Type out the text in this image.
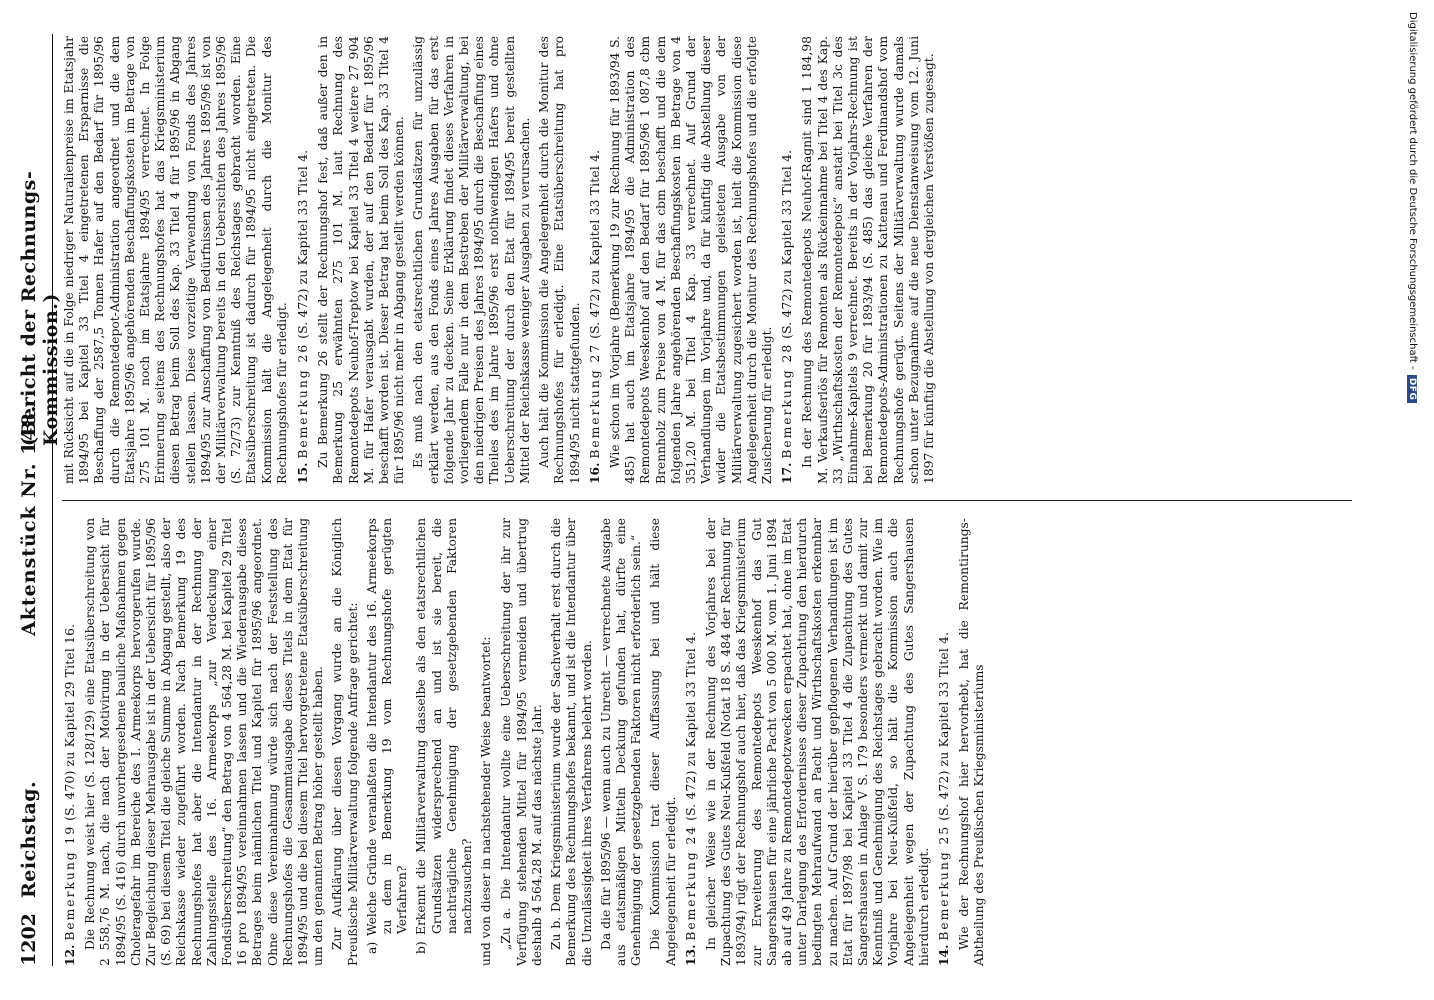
1202
Reichstag.
Aktenstück Nr. 148.
(Bericht der Rechnungs-Kommission.)

12. Bemerkung 19 (S. 470) zu Kapitel 29 Titel 16. Die Rechnung weist hier (S. 128/129) eine Etatsüberschreitung von 2 558,76 M. nach, die nach der Motivirung in der Uebersicht für 1894/95 (S. 416) durch unvorhergesehene bauliche Maßnahmen gegen Choleragefahr im Bereiche des I. Armeekorps hervorgerufen wurde. Zur Begleichung dieser Mehrausgabe ist in der Uebersicht für 1895/96 (S. 69) bei diesem Titel die gleiche Summe in Abgang gestellt, also der Reichskasse wieder zugeführt worden. Nach Bemerkung 19 des Rechnungshofes hat aber die Intendantur in der Rechnung der Zahlungsstelle des 16. Armeekorps „zur Verdeckung einer Fondsüberschreitung“ den Betrag von 4 564,28 M. bei Kapitel 29 Titel 16 pro 1894/95 vereinnahmen lassen und die Wiederausgabe dieses Betrages beim nämlichen Titel und Kapitel für 1895/96 angeordnet. Ohne diese Vereinnahmung würde sich nach der Feststellung des Rechnungshofes die Gesammtausgabe dieses Titels in dem Etat für 1894/95 und die bei diesem Titel hervorgetretene Etatsüberschreitung um den genannten Betrag höher gestellt haben. Zur Aufklärung über diesen Vorgang wurde an die Königlich Preußische Militärverwaltung folgende Anfrage gerichtet: a) Welche Gründe veranlaßten die Intendantur des 16. Armeekorps zu dem in Bemerkung 19 vom Rechnungshofe gerügten Verfahren? b) Erkennt die Militärverwaltung dasselbe als den etatsrechtlichen Grundsätzen widersprechend an und ist sie bereit, die nachträgliche Genehmigung der gesetzgebenden Faktoren nachzusuchen? und von dieser in nachstehender Weise beantwortet: „Zu a. Die Intendantur wollte eine Ueberschreitung der ihr zur Verfügung stehenden Mittel für 1894/95 vermeiden und übertrug deshalb 4 564,28 M. auf das nächste Jahr. Zu b. Dem Kriegsministerium wurde der Sachverhalt erst durch die Bemerkung des Rechnungshofes bekannt, und ist die Intendantur über die Unzulässigkeit ihres Verfahrens belehrt worden. Da die für 1895/96 — wenn auch zu Unrecht — verrechnete Ausgabe aus etatsmäßigen Mitteln Deckung gefunden hat, dürfte eine Genehmigung der gesetzgebenden Faktoren nicht erforderlich sein.“ Die Kommission trat dieser Auffassung bei und hält diese Angelegenheit für erledigt. 13. Bemerkung 24 (S. 472) zu Kapitel 33 Titel 4. In gleicher Weise wie in der Rechnung des Vorjahres bei der Zupachtung des Gutes Neu-Kußfeld (Notat 18 S. 484 der Rechnung für 1893/94) rügt der Rechnungshof auch hier, daß das Kriegsministerium zur Erweiterung des Remontedepots Weeskenhof das Gut Sangershausen für eine jährliche Pacht von 5 000 M. vom 1. Juni 1894 ab auf 49 Jahre zu Remontedepotzwecken erpachtet hat, ohne im Etat unter Darlegung des Erfordernisses dieser Zupachtung den hierdurch bedingten Mehraufwand an Pacht und Wirthschaftskosten erkennbar zu machen. Auf Grund der hierüber gepflogenen Verhandlungen ist im Etat für 1897/98 bei Kapitel 33 Titel 4 die Zupachtung des Gutes Sangershausen in Anlage V S. 179 besonders vermerkt und damit zur Kenntniß und Genehmigung des Reichstages gebracht worden. Wie im Vorjahre bei Neu-Kußfeld, so hält die Kommission auch die Angelegenheit wegen der Zupachtung des Gutes Sangershausen hierdurch erledigt. 14. Bemerkung 25 (S. 472) zu Kapitel 33 Titel 4. Wie der Rechnungshof hier hervorhebt, hat die Remontirungs-Abtheilung des Preußischen Kriegsministeriums

mit Rücksicht auf die in Folge niedriger Naturalienpreise im Etatsjahr 1894/95 bei Kapitel 33 Titel 4 eingetretenen Ersparnisse die Beschaffung der 2587,5 Tonnen Hafer auf den Bedarf für 1895/96 durch die Remontedepot-Administration angeordnet und die dem Etatsjahre 1895/96 angehörenden Beschaffungskosten im Betrage von 275 101 M. noch im Etatsjahre 1894/95 verrechnet. In Folge Erinnerung seitens des Rechnungshofes hat das Kriegsministerium diesen Betrag beim Soll des Kap. 33 Titel 4 für 1895/96 in Abgang stellen lassen. Diese vorzeitige Verwendung von Fonds des Jahres 1894/95 zur Anschaffung von Bedürfnissen des Jahres 1895/96 ist von der Militärverwaltung bereits in den Uebersichten des Jahres 1895/96 (S. 72/73) zur Kenntniß des Reichstages gebracht worden. Eine Etatsüberschreitung ist dadurch für 1894/95 nicht eingetreten. Die Kommission hält die Angelegenheit durch die Monitur des Rechnungshofes für erledigt. 15. Bemerkung 26 (S. 472) zu Kapitel 33 Titel 4. Zu Bemerkung 26 stellt der Rechnungshof fest, daß außer den in Bemerkung 25 erwähnten 275 101 M. laut Rechnung des Remontedepots Neuhof-Treptow bei Kapitel 33 Titel 4 weitere 27 904 M. für Hafer verausgabt wurden, der auf den Bedarf für 1895/96 beschafft worden ist. Dieser Betrag hat beim Soll des Kap. 33 Titel 4 für 1895/96 nicht mehr in Abgang gestellt werden können. Es muß nach den etatsrechtlichen Grundsätzen für unzulässig erklärt werden, aus den Fonds eines Jahres Ausgaben für das erst folgende Jahr zu decken. Seine Erklärung findet dieses Verfahren in vorliegendem Falle nur in dem Bestreben der Militärverwaltung, bei den niedrigen Preisen des Jahres 1894/95 durch die Beschaffung eines Theiles des im Jahre 1895/96 erst nothwendigen Hafers und ohne Ueberschreitung der durch den Etat für 1894/95 bereit gestellten Mittel der Reichskasse weniger Ausgaben zu verursachen. Auch hält die Kommission die Angelegenheit durch die Monitur des Rechnungshofes für erledigt. Eine Etatsüberschreitung hat pro 1894/95 nicht stattgefunden. 16. Bemerkung 27 (S. 472) zu Kapitel 33 Titel 4. Wie schon im Vorjahre (Bemerkung 19 zur Rechnung für 1893/94 S. 485) hat auch im Etatsjahre 1894/95 die Administration des Remontedepots Weeskenhof auf den Bedarf für 1895/96 1 087,8 cbm Brennholz zum Preise von 4 M. für das cbm beschafft und die dem folgenden Jahre angehörenden Beschaffungskosten im Betrage von 4 351,20 M. bei Titel 4 Kap. 33 verrechnet. Auf Grund der Verhandlungen im Vorjahre und, da für künftig die Abstellung dieser wider die Etatsbestimmungen geleisteten Ausgabe von der Militärverwaltung zugesichert worden ist, hielt die Kommission diese Angelegenheit durch die Monitur des Rechnungshofes und die erfolgte Zusicherung für erledigt. 17. Bemerkung 28 (S. 472) zu Kapitel 33 Titel 4. In der Rechnung des Remontedepots Neuhof-Ragnit sind 1 184,98 M. Verkaufserlös für Remonten als Rückeinnahme bei Titel 4 des Kap. 33 „Wirthschaftskosten der Remontedepots“ anstatt bei Titel 3c des Einnahme-Kapitels 9 verrechnet. Bereits in der Vorjahrs-Rechnung ist bei Bemerkung 20 für 1893/94 (S. 485) das gleiche Verfahren der Remontedepots-Administrationen zu Kattenau und Ferdinandshof vom Rechnungshofe gerügt. Seitens der Militärverwaltung wurde damals schon unter Bezugnahme auf die neue Dienstanweisung vom 12. Juni 1897 für künftig die Abstellung von dergleichen Verstößen zugesagt.	Digitalisierung gefördert durch die Deutsche Forschungsgemeinschaft - DFG
